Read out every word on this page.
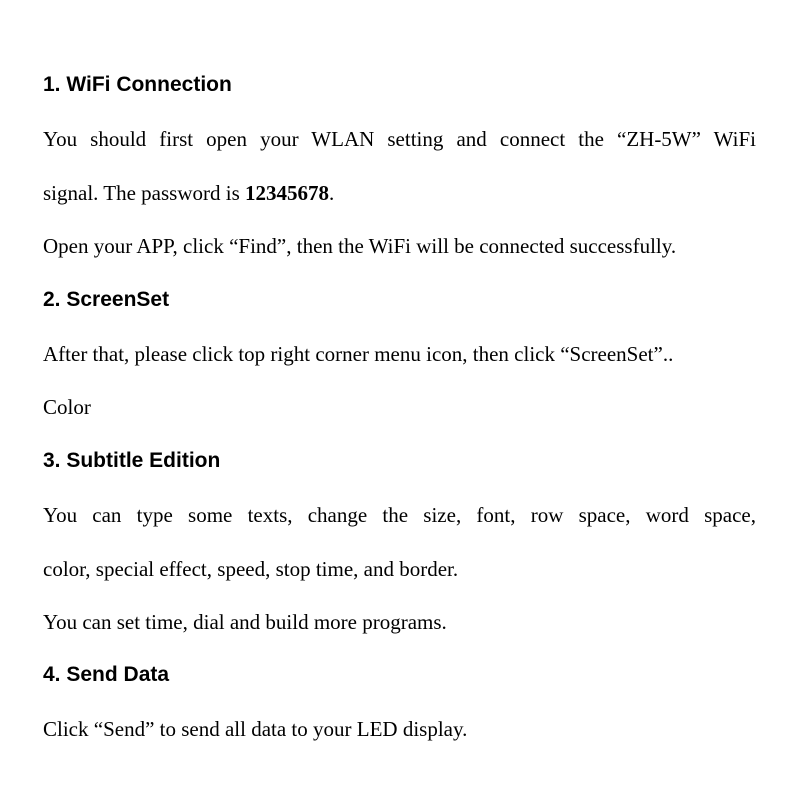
1. WiFi Connection

You should first open your WLAN setting and connect the “ZH-5W” WiFi

signal. The password is 12345678.

Open your APP, click “Find”, then the WiFi will be connected successfully.

2. ScreenSet

After that, please click top right corner menu icon, then click “ScreenSet”..

Color

3. Subtitle Edition

You can type some texts, change the size, font, row space, word space,

color, special effect, speed, stop time, and border.

You can set time, dial and build more programs.

4. Send Data

Click “Send” to send all data to your LED display.
